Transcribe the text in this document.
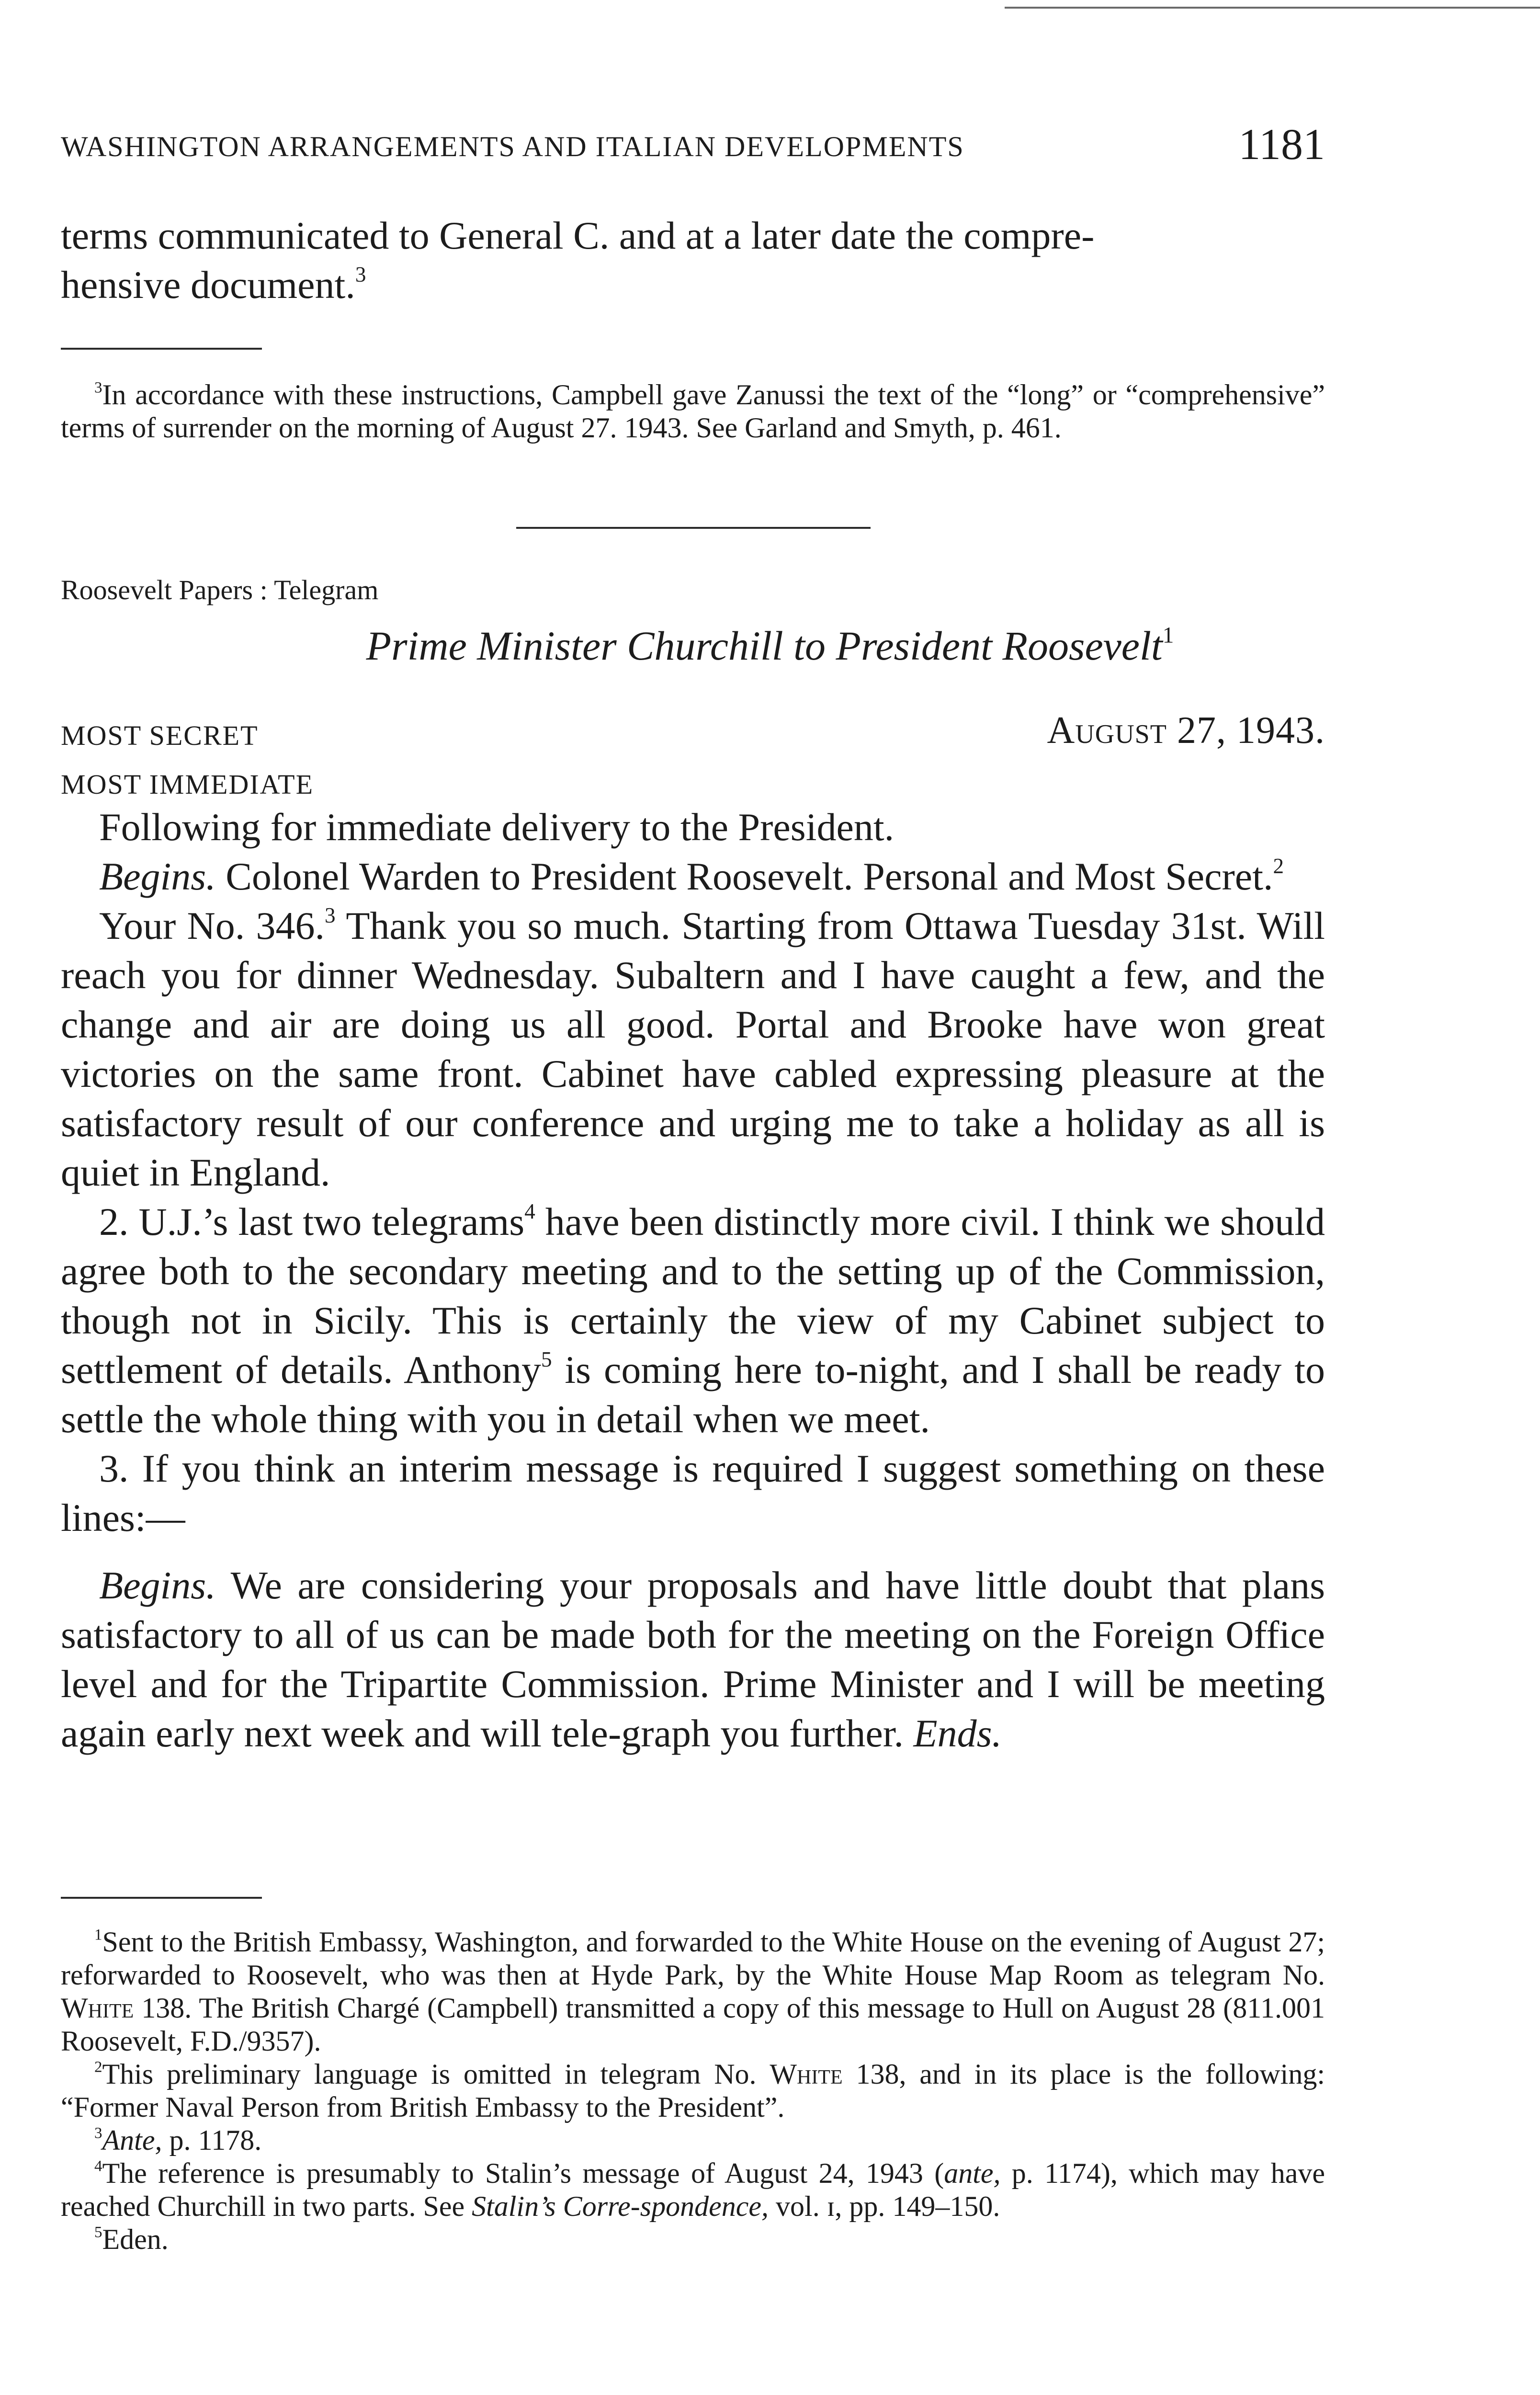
WASHINGTON ARRANGEMENTS AND ITALIAN DEVELOPMENTS	1181

terms communicated to General C. and at a later date the compre-
hensive document.$^3$

$^3$In accordance with these instructions, Campbell gave Zanussi the text of the “long” or “comprehensive” terms of surrender on the morning of August 27. 1943. See Garland and Smyth, p. 461.

Roosevelt Papers : Telegram
Prime Minister Churchill to President Roosevelt$^1$
MOST SECRET	August 27, 1943.
MOST IMMEDIATE

Following for immediate delivery to the President.

Begins. Colonel Warden to President Roosevelt. Personal and Most Secret.$^2$

Your No. 346.$^3$ Thank you so much. Starting from Ottawa Tuesday 31st. Will reach you for dinner Wednesday. Subaltern and I have caught a few, and the change and air are doing us all good. Portal and Brooke have won great victories on the same front. Cabinet have cabled expressing pleasure at the satisfactory result of our conference and urging me to take a holiday as all is quiet in England.

2. U.J.’s last two telegrams$^4$ have been distinctly more civil. I think we should agree both to the secondary meeting and to the setting up of the Commission, though not in Sicily. This is certainly the view of my Cabinet subject to settlement of details. Anthony$^5$ is coming here to-night, and I shall be ready to settle the whole thing with you in detail when we meet.

3. If you think an interim message is required I suggest something on these lines:—

Begins. We are considering your proposals and have little doubt that plans satisfactory to all of us can be made both for the meeting on the Foreign Office level and for the Tripartite Commission. Prime Minister and I will be meeting again early next week and will tele-graph you further. Ends.

$^1$Sent to the British Embassy, Washington, and forwarded to the White House on the evening of August 27; reforwarded to Roosevelt, who was then at Hyde Park, by the White House Map Room as telegram No. White 138. The British Chargé (Campbell) transmitted a copy of this message to Hull on August 28 (811.001 Roosevelt, F.D./9357).

$^2$This preliminary language is omitted in telegram No. White 138, and in its place is the following: “Former Naval Person from British Embassy to the President”.

$^3$Ante, p. 1178.

$^4$The reference is presumably to Stalin’s message of August 24, 1943 (ante, p. 1174), which may have reached Churchill in two parts. See Stalin’s Corre-spondence, vol. ɪ, pp. 149–150.

$^5$Eden.
